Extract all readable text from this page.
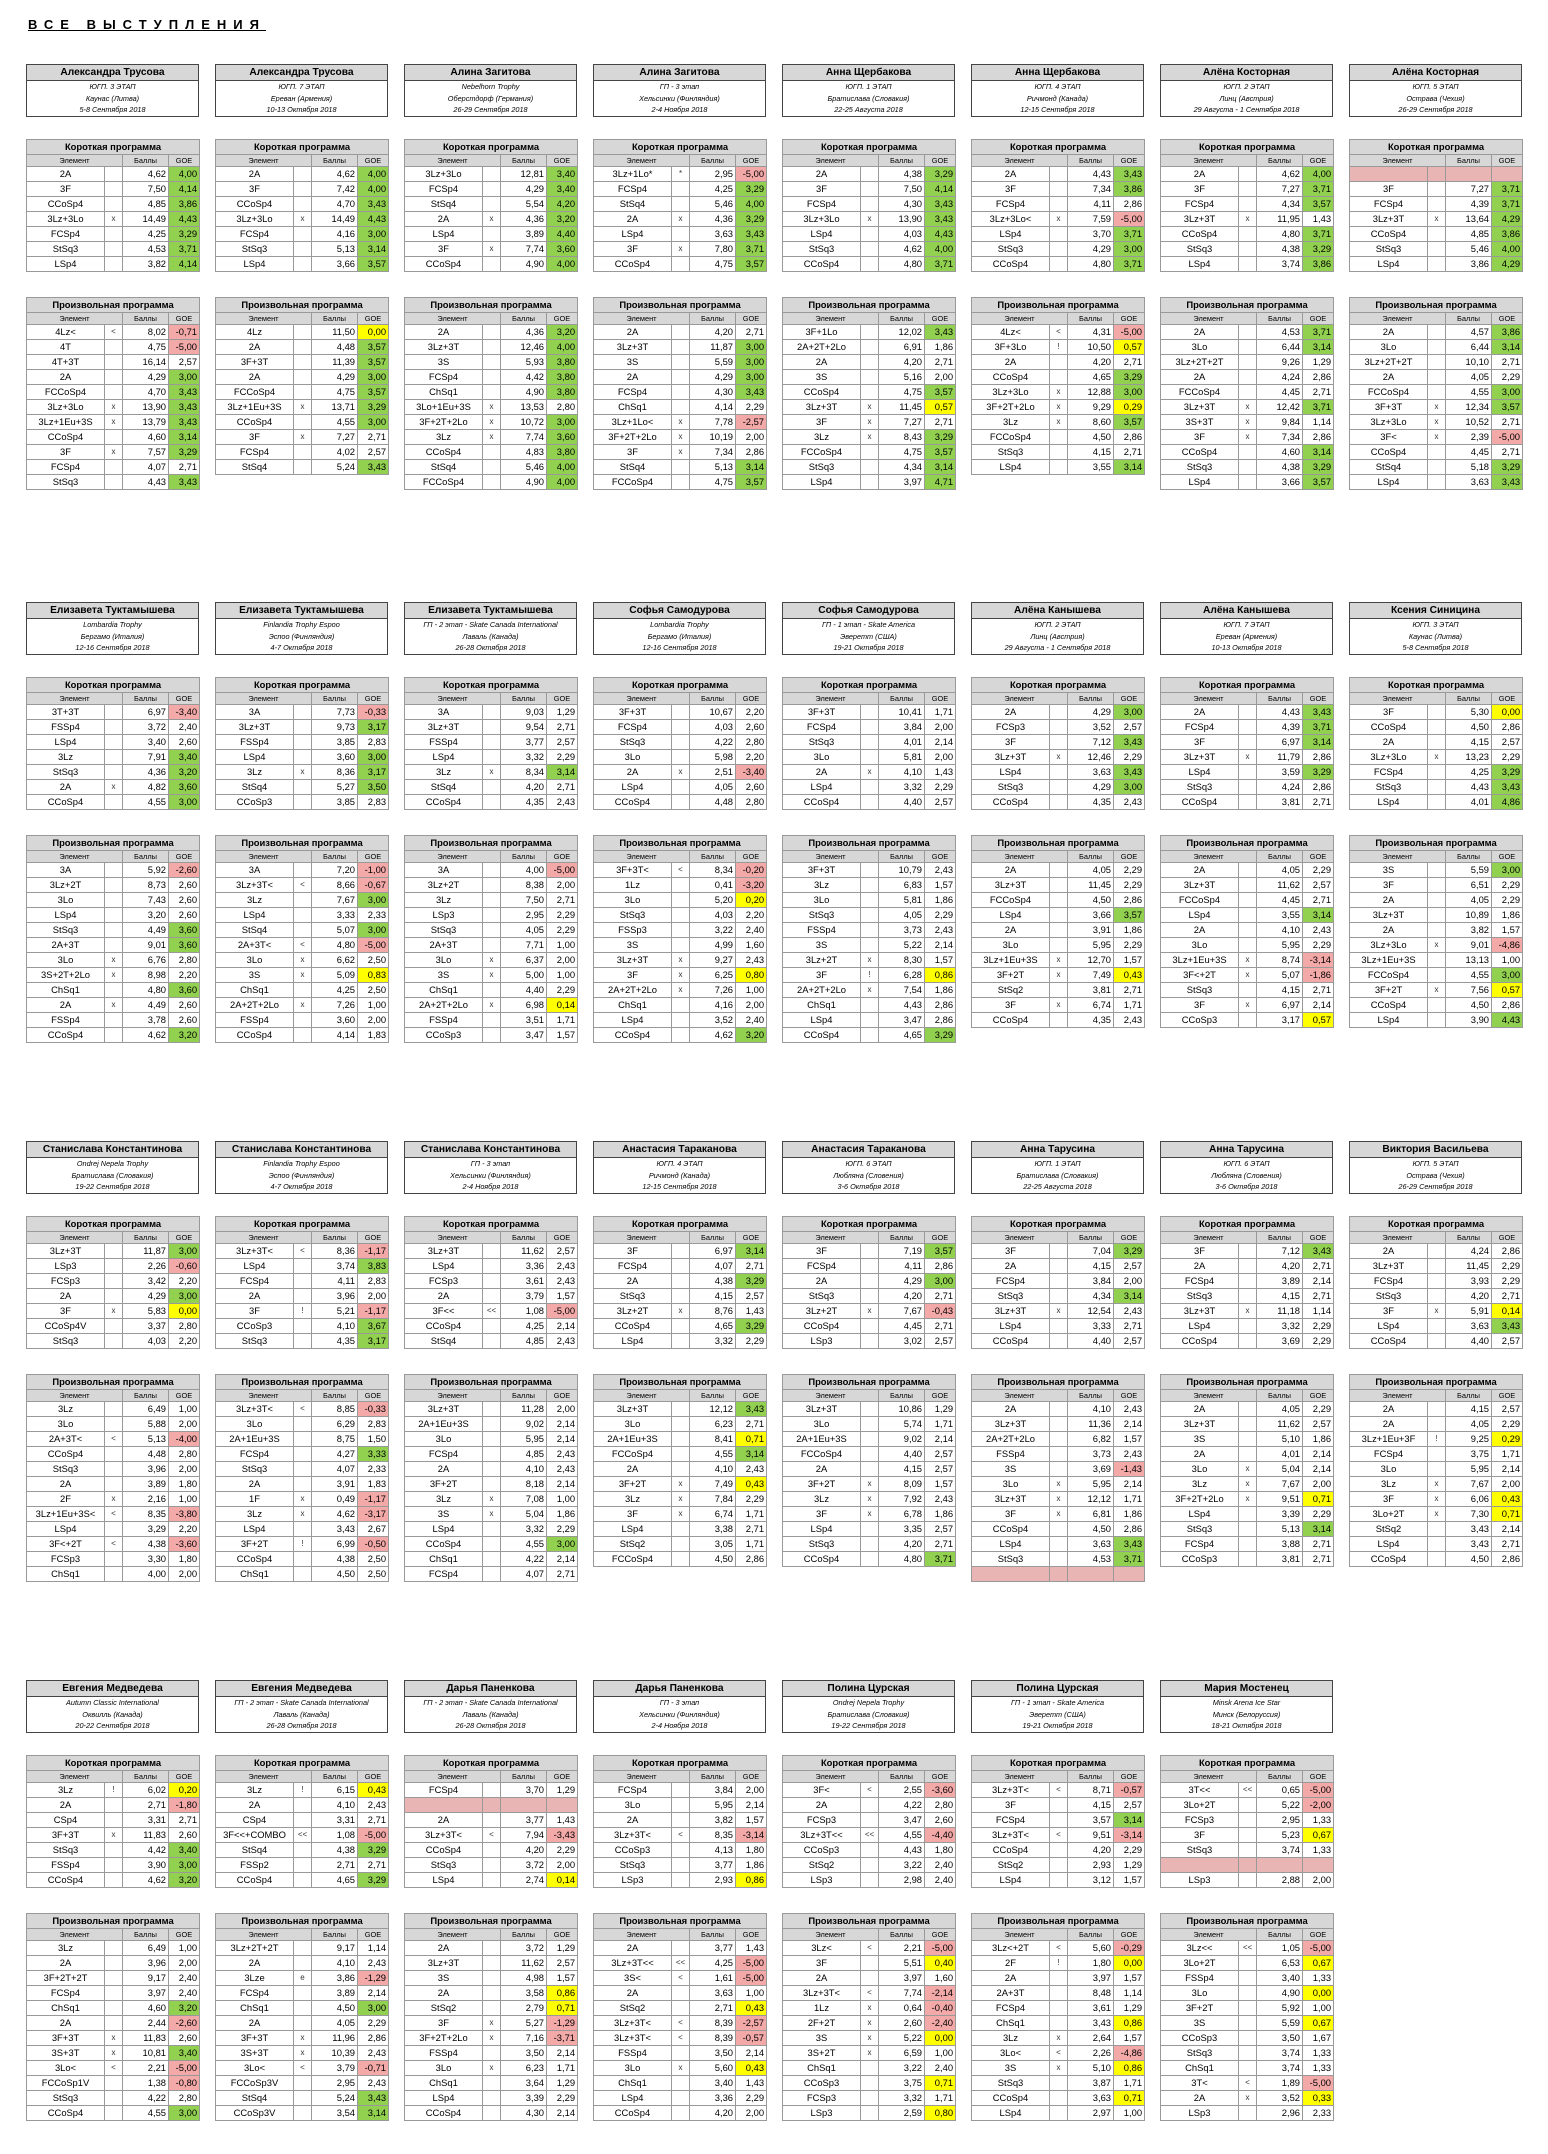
ВСЕ ВЫСТУПЛЕНИЯ
Александра Трусова
ЮГП. 3 ЭТАП
Каунас (Литва)
5-8 Сентября 2018
Короткая программа			
Элемент		Баллы	GOE
2A		4,62	4,00
3F		7,50	4,14
CCoSp4		4,85	3,86
3Lz+3Lo	x	14,49	4,43
FCSp4		4,25	3,29
StSq3		4,53	3,71
LSp4		3,82	4,14
Произвольная программа			
Элемент		Баллы	GOE
4Lz<	<	8,02	-0,71
4T		4,75	-5,00
4T+3T		16,14	2,57
2A		4,29	3,00
FCCoSp4		4,70	3,43
3Lz+3Lo	x	13,90	3,43
3Lz+1Eu+3S	x	13,79	3,43
CCoSp4		4,60	3,14
3F	x	7,57	3,29
FCSp4		4,07	2,71
StSq3		4,43	3,43
Александра Трусова
ЮГП. 7 ЭТАП
Ереван (Армения)
10-13 Октября 2018
Короткая программа			
Элемент		Баллы	GOE
2A		4,62	4,00
3F		7,42	4,00
CCoSp4		4,70	3,43
3Lz+3Lo	x	14,49	4,43
FCSp4		4,16	3,00
StSq3		5,13	3,14
LSp4		3,66	3,57
Произвольная программа			
Элемент		Баллы	GOE
4Lz		11,50	0,00
2A		4,48	3,57
3F+3T		11,39	3,57
2A		4,29	3,00
FCCoSp4		4,75	3,57
3Lz+1Eu+3S	x	13,71	3,29
CCoSp4		4,55	3,00
3F	x	7,27	2,71
FCSp4		4,02	2,57
StSq4		5,24	3,43
Алина Загитова
Nebelhorn Trophy
Оберстдорф (Германия)
26-29 Сентября 2018
Короткая программа			
Элемент		Баллы	GOE
3Lz+3Lo		12,81	3,40
FCSp4		4,29	3,40
StSq4		5,54	4,20
2A	x	4,36	3,20
LSp4		3,89	4,40
3F	x	7,74	3,60
CCoSp4		4,90	4,00
Произвольная программа			
Элемент		Баллы	GOE
2A		4,36	3,20
3Lz+3T		12,46	4,00
3S		5,93	3,80
FCSp4		4,42	3,80
ChSq1		4,90	3,80
3Lo+1Eu+3S	x	13,53	2,80
3F+2T+2Lo	x	10,72	3,00
3Lz	x	7,74	3,60
CCoSp4		4,83	3,80
StSq4		5,46	4,00
FCCoSp4		4,90	4,00
Алина Загитова
ГП - 3 этап
Хельсинки (Финляндия)
2-4 Ноября 2018
Короткая программа			
Элемент		Баллы	GOE
3Lz+1Lo*	*	2,95	-5,00
FCSp4		4,25	3,29
StSq4		5,46	4,00
2A	x	4,36	3,29
LSp4		3,63	3,43
3F	x	7,80	3,71
CCoSp4		4,75	3,57
Произвольная программа			
Элемент		Баллы	GOE
2A		4,20	2,71
3Lz+3T		11,87	3,00
3S		5,59	3,00
2A		4,29	3,00
FCSp4		4,30	3,43
ChSq1		4,14	2,29
3Lz+1Lo<	x	7,78	-2,57
3F+2T+2Lo	x	10,19	2,00
3F	x	7,34	2,86
StSq4		5,13	3,14
FCCoSp4		4,75	3,57
Анна Щербакова
ЮГП. 1 ЭТАП
Братислава (Словакия)
22-25 Августа 2018
Короткая программа			
Элемент		Баллы	GOE
2A		4,38	3,29
3F		7,50	4,14
FCSp4		4,30	3,43
3Lz+3Lo	x	13,90	3,43
LSp4		4,03	4,43
StSq3		4,62	4,00
CCoSp4		4,80	3,71
Произвольная программа			
Элемент		Баллы	GOE
3F+1Lo		12,02	3,43
2A+2T+2Lo		6,91	1,86
2A		4,20	2,71
3S		5,16	2,00
CCoSp4		4,75	3,57
3Lz+3T	x	11,45	0,57
3F	x	7,27	2,71
3Lz	x	8,43	3,29
FCCoSp4		4,75	3,57
StSq3		4,34	3,14
LSp4		3,97	4,71
Анна Щербакова
ЮГП. 4 ЭТАП
Ричмонд (Канада)
12-15 Сентября 2018
Короткая программа			
Элемент		Баллы	GOE
2A		4,43	3,43
3F		7,34	3,86
FCSp4		4,11	2,86
3Lz+3Lo<	x	7,59	-5,00
LSp4		3,70	3,71
StSq3		4,29	3,00
CCoSp4		4,80	3,71
Произвольная программа			
Элемент		Баллы	GOE
4Lz<	<	4,31	-5,00
3F+3Lo	!	10,50	0,57
2A		4,20	2,71
CCoSp4		4,65	3,29
3Lz+3Lo	x	12,88	3,00
3F+2T+2Lo	x	9,29	0,29
3Lz	x	8,60	3,57
FCCoSp4		4,50	2,86
StSq3		4,15	2,71
LSp4		3,55	3,14
Алёна Косторная
ЮГП. 2 ЭТАП
Линц (Австрия)
29 Августа - 1 Сентября 2018
Короткая программа			
Элемент		Баллы	GOE
2A		4,62	4,00
3F		7,27	3,71
FCSp4		4,34	3,57
3Lz+3T	x	11,95	1,43
CCoSp4		4,80	3,71
StSq3		4,38	3,29
LSp4		3,74	3,86
Произвольная программа			
Элемент		Баллы	GOE
2A		4,53	3,71
3Lo		6,44	3,14
3Lz+2T+2T		9,26	1,29
2A		4,24	2,86
FCCoSp4		4,45	2,71
3Lz+3T	x	12,42	3,71
3S+3T	x	9,84	1,14
3F	x	7,34	2,86
CCoSp4		4,60	3,14
StSq3		4,38	3,29
LSp4		3,66	3,57
Алёна Косторная
ЮГП. 5 ЭТАП
Острава (Чехия)
26-29 Сентября 2018
Короткая программа			
Элемент		Баллы	GOE

3F		7,27	3,71
FCSp4		4,39	3,71
3Lz+3T	x	13,64	4,29
CCoSp4		4,85	3,86
StSq3		5,46	4,00
LSp4		3,86	4,29
Произвольная программа			
Элемент		Баллы	GOE
2A		4,57	3,86
3Lo		6,44	3,14
3Lz+2T+2T		10,10	2,71
2A		4,05	2,29
FCCoSp4		4,55	3,00
3F+3T	x	12,34	3,57
3Lz+3Lo	x	10,52	2,71
3F<	x	2,39	-5,00
CCoSp4		4,45	2,71
StSq4		5,18	3,29
LSp4		3,63	3,43
Елизавета Туктамышева
Lombardia Trophy
Бергамо (Италия)
12-16 Сентября 2018
Короткая программа			
Элемент		Баллы	GOE
3T+3T		6,97	-3,40
FSSp4		3,72	2,40
LSp4		3,40	2,60
3Lz		7,91	3,40
StSq3		4,36	3,20
2A	x	4,82	3,60
CCoSp4		4,55	3,00
Произвольная программа			
Элемент		Баллы	GOE
3A		5,92	-2,60
3Lz+2T		8,73	2,60
3Lo		7,43	2,60
LSp4		3,20	2,60
StSq3		4,49	3,60
2A+3T		9,01	3,60
3Lo	x	6,76	2,80
3S+2T+2Lo	x	8,98	2,20
ChSq1		4,80	3,60
2A	x	4,49	2,60
FSSp4		3,78	2,60
CCoSp4		4,62	3,20
Елизавета Туктамышева
Finlandia Trophy Espoo
Эспоо (Финляндия)
4-7 Октября 2018
Короткая программа			
Элемент		Баллы	GOE
3A		7,73	-0,33
3Lz+3T		9,73	3,17
FSSp4		3,85	2,83
LSp4		3,60	3,00
3Lz	x	8,36	3,17
StSq4		5,27	3,50
CCoSp3		3,85	2,83
Произвольная программа			
Элемент		Баллы	GOE
3A		7,20	-1,00
3Lz+3T<	<	8,66	-0,67
3Lz		7,67	3,00
LSp4		3,33	2,33
StSq4		5,07	3,00
2A+3T<	<	4,80	-5,00
3Lo	x	6,62	2,50
3S	x	5,09	0,83
ChSq1		4,25	2,50
2A+2T+2Lo	x	7,26	1,00
FSSp4		3,60	2,00
CCoSp4		4,14	1,83
Елизавета Туктамышева
ГП - 2 этап - Skate Canada International
Лаваль (Канада)
26-28 Октября 2018
Короткая программа			
Элемент		Баллы	GOE
3A		9,03	1,29
3Lz+3T		9,54	2,71
FSSp4		3,77	2,57
LSp4		3,32	2,29
3Lz	x	8,34	3,14
StSq4		4,20	2,71
CCoSp4		4,35	2,43
Произвольная программа			
Элемент		Баллы	GOE
3A		4,00	-5,00
3Lz+2T		8,38	2,00
3Lz		7,50	2,71
LSp3		2,95	2,29
StSq3		4,05	2,29
2A+3T		7,71	1,00
3Lo	x	6,37	2,00
3S	x	5,00	1,00
ChSq1		4,40	2,29
2A+2T+2Lo	x	6,98	0,14
FSSp4		3,51	1,71
CCoSp3		3,47	1,57
Софья Самодурова
Lombardia Trophy
Бергамо (Италия)
12-16 Сентября 2018
Короткая программа			
Элемент		Баллы	GOE
3F+3T		10,67	2,20
FCSp4		4,03	2,60
StSq3		4,22	2,80
3Lo		5,98	2,20
2A	x	2,51	-3,40
LSp4		4,05	2,60
CCoSp4		4,48	2,80
Произвольная программа			
Элемент		Баллы	GOE
3F+3T<	<	8,34	-0,20
1Lz		0,41	-3,20
3Lo		5,20	0,20
StSq3		4,03	2,20
FSSp3		3,22	2,40
3S		4,99	1,60
3Lz+3T	x	9,27	2,43
3F	x	6,25	0,80
2A+2T+2Lo	x	7,26	1,00
ChSq1		4,16	2,00
LSp4		3,52	2,40
CCoSp4		4,62	3,20
Софья Самодурова
ГП - 1 этап - Skate America
Эверетт (США)
19-21 Октября 2018
Короткая программа			
Элемент		Баллы	GOE
3F+3T		10,41	1,71
FCSp4		3,84	2,00
StSq3		4,01	2,14
3Lo		5,81	2,00
2A	x	4,10	1,43
LSp4		3,32	2,29
CCoSp4		4,40	2,57
Произвольная программа			
Элемент		Баллы	GOE
3F+3T		10,79	2,43
3Lz		6,83	1,57
3Lo		5,81	1,86
StSq3		4,05	2,29
FSSp4		3,73	2,43
3S		5,22	2,14
3Lz+2T	x	8,30	1,57
3F	!	6,28	0,86
2A+2T+2Lo	x	7,54	1,86
ChSq1		4,43	2,86
LSp4		3,47	2,86
CCoSp4		4,65	3,29
Алёна Канышева
ЮГП. 2 ЭТАП
Линц (Австрия)
29 Августа - 1 Сентября 2018
Короткая программа			
Элемент		Баллы	GOE
2A		4,29	3,00
FCSp3		3,52	2,57
3F		7,12	3,43
3Lz+3T	x	12,46	2,29
LSp4		3,63	3,43
StSq3		4,29	3,00
CCoSp4		4,35	2,43
Произвольная программа			
Элемент		Баллы	GOE
2A		4,05	2,29
3Lz+3T		11,45	2,29
FCCoSp4		4,50	2,86
LSp4		3,66	3,57
2A		3,91	1,86
3Lo		5,95	2,29
3Lz+1Eu+3S	x	12,70	1,57
3F+2T	x	7,49	0,43
StSq2		3,81	2,71
3F	x	6,74	1,71
CCoSp4		4,35	2,43
Алёна Канышева
ЮГП. 7 ЭТАП
Ереван (Армения)
10-13 Октября 2018
Короткая программа			
Элемент		Баллы	GOE
2A		4,43	3,43
FCSp4		4,39	3,71
3F		6,97	3,14
3Lz+3T	x	11,79	2,86
LSp4		3,59	3,29
StSq3		4,24	2,86
CCoSp4		3,81	2,71
Произвольная программа			
Элемент		Баллы	GOE
2A		4,05	2,29
3Lz+3T		11,62	2,57
FCCoSp4		4,45	2,71
LSp4		3,55	3,14
2A		4,10	2,43
3Lo		5,95	2,29
3Lz+1Eu+3S	x	8,74	-3,14
3F<+2T	x	5,07	-1,86
StSq3		4,15	2,71
3F	x	6,97	2,14
CCoSp3		3,17	0,57
Ксения Синицина
ЮГП. 3 ЭТАП
Каунас (Литва)
5-8 Сентября 2018
Короткая программа			
Элемент		Баллы	GOE
3F		5,30	0,00
CCoSp4		4,50	2,86
2A		4,15	2,57
3Lz+3Lo	x	13,23	2,29
FCSp4		4,25	3,29
StSq3		4,43	3,43
LSp4		4,01	4,86
Произвольная программа			
Элемент		Баллы	GOE
3S		5,59	3,00
3F		6,51	2,29
2A		4,05	2,29
3Lz+3T		10,89	1,86
2A		3,82	1,57
3Lz+3Lo	x	9,01	-4,86
3Lz+1Eu+3S		13,13	1,00
FCCoSp4		4,55	3,00
3F+2T	x	7,56	0,57
CCoSp4		4,50	2,86
LSp4		3,90	4,43
Станислава Константинова
Ondrej Nepela Trophy
Братислава (Словакия)
19-22 Сентября 2018
Короткая программа			
Элемент		Баллы	GOE
3Lz+3T		11,87	3,00
LSp3		2,26	-0,60
FCSp3		3,42	2,20
2A		4,29	3,00
3F	x	5,83	0,00
CCoSp4V		3,37	2,80
StSq3		4,03	2,20
Произвольная программа			
Элемент		Баллы	GOE
3Lz		6,49	1,00
3Lo		5,88	2,00
2A+3T<	<	5,13	-4,00
CCoSp4		4,48	2,80
StSq3		3,96	2,00
2A		3,89	1,80
2F	x	2,16	1,00
3Lz+1Eu+3S<	<	8,35	-3,80
LSp4		3,29	2,20
3F<+2T	<	4,38	-3,60
FCSp3		3,30	1,80
ChSq1		4,00	2,00
Станислава Константинова
Finlandia Trophy Espoo
Эспоо (Финляндия)
4-7 Октября 2018
Короткая программа			
Элемент		Баллы	GOE
3Lz+3T<	<	8,36	-1,17
LSp4		3,74	3,83
FCSp4		4,11	2,83
2A		3,96	2,00
3F	!	5,21	-1,17
CCoSp3		4,10	3,67
StSq3		4,35	3,17
Произвольная программа			
Элемент		Баллы	GOE
3Lz+3T<	<	8,85	-0,33
3Lo		6,29	2,83
2A+1Eu+3S		8,75	1,50
FCSp4		4,27	3,33
StSq3		4,07	2,33
2A		3,91	1,83
1F	x	0,49	-1,17
3Lz	x	4,62	-3,17
LSp4		3,43	2,67
3F+2T	!	6,99	-0,50
CCoSp4		4,38	2,50
ChSq1		4,50	2,50
Станислава Константинова
ГП - 3 этап
Хельсинки (Финляндия)
2-4 Ноября 2018
Короткая программа			
Элемент		Баллы	GOE
3Lz+3T		11,62	2,57
LSp4		3,36	2,43
FCSp3		3,61	2,43
2A		3,79	1,57
3F<<	<<	1,08	-5,00
CCoSp4		4,25	2,14
StSq4		4,85	2,43
Произвольная программа			
Элемент		Баллы	GOE
3Lz+3T		11,28	2,00
2A+1Eu+3S		9,02	2,14
3Lo		5,95	2,14
FCSp4		4,85	2,43
2A		4,10	2,43
3F+2T		8,18	2,14
3Lz	x	7,08	1,00
3S	x	5,04	1,86
LSp4		3,32	2,29
CCoSp4		4,55	3,00
ChSq1		4,22	2,14
FCSp4		4,07	2,71
Анастасия Тараканова
ЮГП. 4 ЭТАП
Ричмонд (Канада)
12-15 Сентября 2018
Короткая программа			
Элемент		Баллы	GOE
3F		6,97	3,14
FCSp4		4,07	2,71
2A		4,38	3,29
StSq3		4,15	2,57
3Lz+2T	x	8,76	1,43
CCoSp4		4,65	3,29
LSp4		3,32	2,29
Произвольная программа			
Элемент		Баллы	GOE
3Lz+3T		12,12	3,43
3Lo		6,23	2,71
2A+1Eu+3S		8,41	0,71
FCCoSp4		4,55	3,14
2A		4,10	2,43
3F+2T	x	7,49	0,43
3Lz	x	7,84	2,29
3F	x	6,74	1,71
LSp4		3,38	2,71
StSq2		3,05	1,71
FCCoSp4		4,50	2,86
Анастасия Тараканова
ЮГП. 6 ЭТАП
Любляна (Словения)
3-6 Октября 2018
Короткая программа			
Элемент		Баллы	GOE
3F		7,19	3,57
FCSp4		4,11	2,86
2A		4,29	3,00
StSq3		4,20	2,71
3Lz+2T	x	7,67	-0,43
CCoSp4		4,45	2,71
LSp3		3,02	2,57
Произвольная программа			
Элемент		Баллы	GOE
3Lz+3T		10,86	1,29
3Lo		5,74	1,71
2A+1Eu+3S		9,02	2,14
FCCoSp4		4,40	2,57
2A		4,15	2,57
3F+2T	x	8,09	1,57
3Lz	x	7,92	2,43
3F	x	6,78	1,86
LSp4		3,35	2,57
StSq3		4,20	2,71
CCoSp4		4,80	3,71
Анна Тарусина
ЮГП. 1 ЭТАП
Братислава (Словакия)
22-25 Августа 2018
Короткая программа			
Элемент		Баллы	GOE
3F		7,04	3,29
2A		4,15	2,57
FCSp4		3,84	2,00
StSq3		4,34	3,14
3Lz+3T	x	12,54	2,43
LSp4		3,33	2,71
CCoSp4		4,40	2,57
Произвольная программа			
Элемент		Баллы	GOE
2A		4,10	2,43
3Lz+3T		11,36	2,14
2A+2T+2Lo		6,82	1,57
FSSp4		3,73	2,43
3S		3,69	-1,43
3Lo	x	5,95	2,14
3Lz+3T	x	12,12	1,71
3F	x	6,81	1,86
CCoSp4		4,50	2,86
LSp4		3,63	3,43
StSq3		4,53	3,71

Анна Тарусина
ЮГП. 6 ЭТАП
Любляна (Словения)
3-6 Октября 2018
Короткая программа			
Элемент		Баллы	GOE
3F		7,12	3,43
2A		4,20	2,71
FCSp4		3,89	2,14
StSq3		4,15	2,71
3Lz+3T	x	11,18	1,14
LSp4		3,32	2,29
CCoSp4		3,69	2,29
Произвольная программа			
Элемент		Баллы	GOE
2A		4,05	2,29
3Lz+3T		11,62	2,57
3S		5,10	1,86
2A		4,01	2,14
3Lo	x	5,04	2,14
3Lz	x	7,67	2,00
3F+2T+2Lo	x	9,51	0,71
LSp4		3,39	2,29
StSq3		5,13	3,14
FCSp4		3,88	2,71
CCoSp3		3,81	2,71
Виктория Васильева
ЮГП. 5 ЭТАП
Острава (Чехия)
26-29 Сентября 2018
Короткая программа			
Элемент		Баллы	GOE
2A		4,24	2,86
3Lz+3T		11,45	2,29
FCSp4		3,93	2,29
StSq3		4,20	2,71
3F	x	5,91	0,14
LSp4		3,63	3,43
CCoSp4		4,40	2,57
Произвольная программа			
Элемент		Баллы	GOE
2A		4,15	2,57
2A		4,05	2,29
3Lz+1Eu+3F	!	9,25	0,29
FCSp4		3,75	1,71
3Lo		5,95	2,14
3Lz	x	7,67	2,00
3F	x	6,06	0,43
3Lo+2T	x	7,30	0,71
StSq2		3,43	2,14
LSp4		3,43	2,71
CCoSp4		4,50	2,86
Евгения Медведева
Autumn Classic International
Оквилль (Канада)
20-22 Сентября 2018
Короткая программа			
Элемент		Баллы	GOE
3Lz	!	6,02	0,20
2A		2,71	-1,80
CSp4		3,31	2,71
3F+3T	x	11,83	2,60
StSq3		4,42	3,40
FSSp4		3,90	3,00
CCoSp4		4,62	3,20
Произвольная программа			
Элемент		Баллы	GOE
3Lz		6,49	1,00
2A		3,96	2,00
3F+2T+2T		9,17	2,40
FCSp4		3,97	2,40
ChSq1		4,60	3,20
2A		2,44	-2,60
3F+3T	x	11,83	2,60
3S+3T	x	10,81	3,40
3Lo<	<	2,21	-5,00
FCCoSp1V		1,38	-0,80
StSq3		4,22	2,80
CCoSp4		4,55	3,00
Евгения Медведева
ГП - 2 этап - Skate Canada International
Лаваль (Канада)
26-28 Октября 2018
Короткая программа			
Элемент		Баллы	GOE
3Lz	!	6,15	0,43
2A		4,10	2,43
CSp4		3,31	2,71
3F<<+COMBO	<<	1,08	-5,00
StSq4		4,38	3,29
FSSp2		2,71	2,71
CCoSp4		4,65	3,29
Произвольная программа			
Элемент		Баллы	GOE
3Lz+2T+2T		9,17	1,14
2A		4,10	2,43
3Lze	e	3,86	-1,29
FCSp4		3,89	2,14
ChSq1		4,50	3,00
2A		4,05	2,29
3F+3T	x	11,96	2,86
3S+3T	x	10,39	2,43
3Lo<	<	3,79	-0,71
FCCoSp3V		2,95	2,43
StSq4		5,24	3,43
CCoSp3V		3,54	3,14
Дарья Паненкова
ГП - 2 этап - Skate Canada International
Лаваль (Канада)
26-28 Октября 2018
Короткая программа			
Элемент		Баллы	GOE
FCSp4		3,70	1,29

2A		3,77	1,43
3Lz+3T<	<	7,94	-3,43
CCoSp4		4,20	2,29
StSq3		3,72	2,00
LSp4		2,74	0,14
Произвольная программа			
Элемент		Баллы	GOE
2A		3,72	1,29
3Lz+3T		11,62	2,57
3S		4,98	1,57
2A		3,58	0,86
StSq2		2,79	0,71
3F	x	5,27	-1,29
3F+2T+2Lo	x	7,16	-3,71
FSSp4		3,50	2,14
3Lo	x	6,23	1,71
ChSq1		3,64	1,29
LSp4		3,39	2,29
CCoSp4		4,30	2,14
Дарья Паненкова
ГП - 3 этап
Хельсинки (Финляндия)
2-4 Ноября 2018
Короткая программа			
Элемент		Баллы	GOE
FCSp4		3,84	2,00
3Lo		5,95	2,14
2A		3,82	1,57
3Lz+3T<	<	8,35	-3,14
CCoSp3		4,13	1,80
StSq3		3,77	1,86
LSp3		2,93	0,86
Произвольная программа			
Элемент		Баллы	GOE
2A		3,77	1,43
3Lz+3T<<	<<	4,25	-5,00
3S<	<	1,61	-5,00
2A		3,63	1,00
StSq2		2,71	0,43
3Lz+3T<	<	8,39	-2,57
3Lz+3T<	<	8,39	-0,57
FSSp4		3,50	2,14
3Lo	x	5,60	0,43
ChSq1		3,40	1,43
LSp4		3,36	2,29
CCoSp4		4,20	2,00
Полина Цурская
Ondrej Nepela Trophy
Братислава (Словакия)
19-22 Сентября 2018
Короткая программа			
Элемент		Баллы	GOE
3F<	<	2,55	-3,60
2A		4,22	2,80
FCSp3		3,47	2,60
3Lz+3T<<	<<	4,55	-4,40
CCoSp3		4,43	1,80
StSq2		3,22	2,40
LSp3		2,98	2,40
Произвольная программа			
Элемент		Баллы	GOE
3Lz<	<	2,21	-5,00
3F		5,51	0,40
2A		3,97	1,60
3Lz+3T<	<	7,74	-2,14
1Lz	x	0,64	-0,40
2F+2T	x	2,60	-2,40
3S	x	5,22	0,00
3S+2T	x	6,59	1,00
ChSq1		3,22	2,40
CCoSp3		3,75	0,71
FCSp3		3,32	1,71
LSp3		2,59	0,80
Полина Цурская
ГП - 1 этап - Skate America
Эверетт (США)
19-21 Октября 2018
Короткая программа			
Элемент		Баллы	GOE
3Lz+3T<	<	8,71	-0,57
3F		4,15	2,57
FCSp4		3,57	3,14
3Lz+3T<	<	9,51	-3,14
CCoSp4		4,20	2,29
StSq2		2,93	1,29
LSp4		3,12	1,57
Произвольная программа			
Элемент		Баллы	GOE
3Lz<+2T	<	5,60	-0,29
2F	!	1,80	0,00
2A		3,97	1,57
2A+3T		8,48	1,14
FCSp4		3,61	1,29
ChSq1		3,43	0,86
3Lz	x	2,64	1,57
3Lo<	<	2,26	-4,86
3S	x	5,10	0,86
StSq3		3,87	1,71
CCoSp4		3,63	0,71
LSp4		2,97	1,00
Мария Мостенец
Minsk Arena Ice Star
Минск (Белоруссия)
18-21 Октября 2018
Короткая программа			
Элемент		Баллы	GOE
3T<<	<<	0,65	-5,00
3Lo+2T		5,22	-2,00
FCSp3		2,95	1,33
3F		5,23	0,67
StSq3		3,74	1,33

LSp3		2,88	2,00
Произвольная программа			
Элемент		Баллы	GOE
3Lz<<	<<	1,05	-5,00
3Lo+2T		6,53	0,67
FSSp4		3,40	1,33
3Lo		4,90	0,00
3F+2T		5,92	1,00
3S		5,59	0,67
CCoSp3		3,50	1,67
StSq3		3,74	1,33
ChSq1		3,74	1,33
3T<	<	1,89	-5,00
2A	x	3,52	0,33
LSp3		2,96	2,33
